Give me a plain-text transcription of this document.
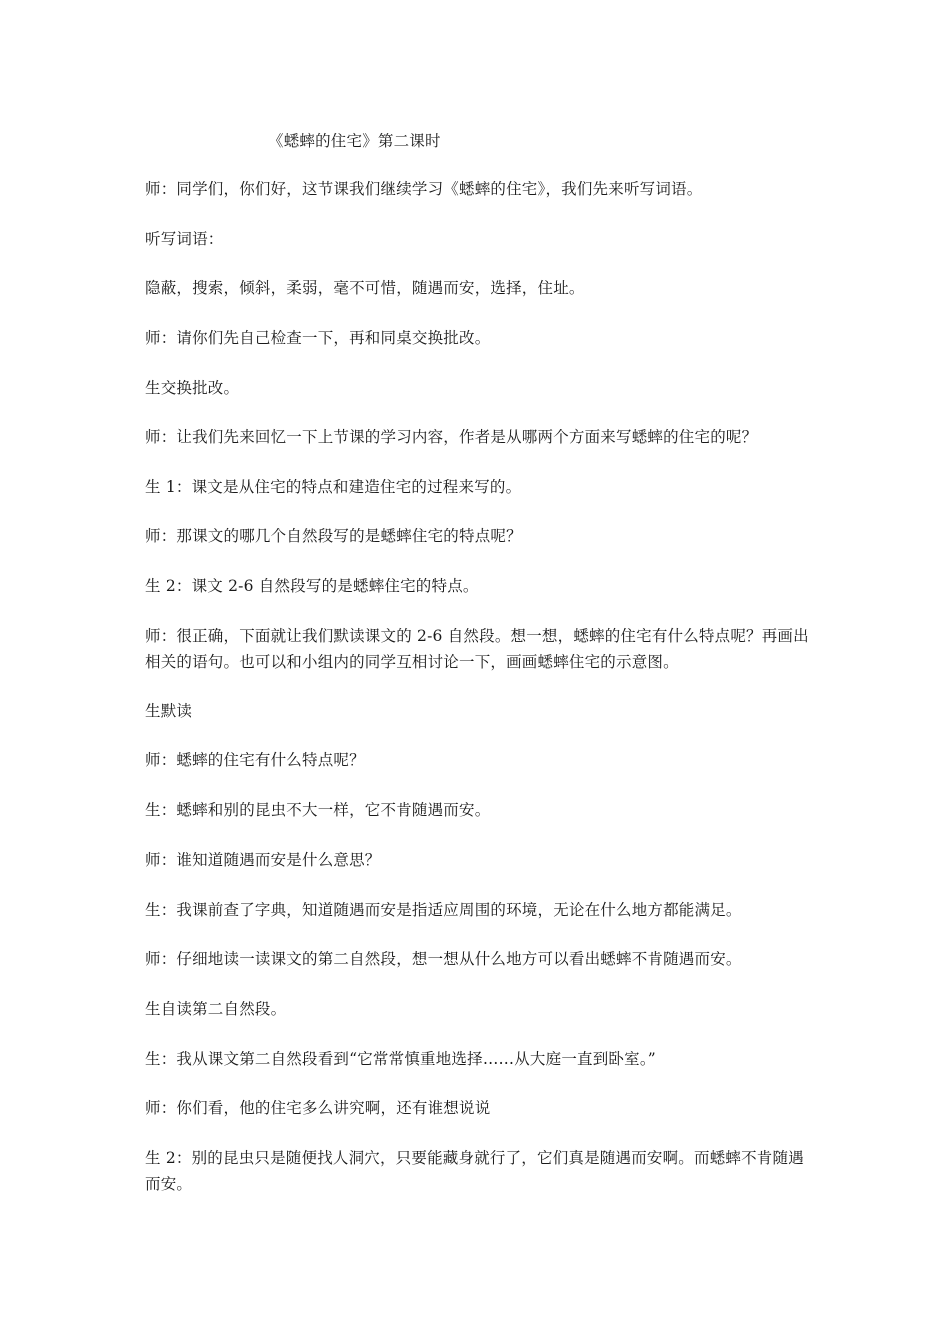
《蟋蟀的住宅》第二课时

师：同学们，你们好，这节课我们继续学习《蟋蟀的住宅》，我们先来听写词语。

听写词语：

隐蔽，搜索，倾斜，柔弱，毫不可惜，随遇而安，选择，住址。

师：请你们先自己检查一下，再和同桌交换批改。

生交换批改。

师：让我们先来回忆一下上节课的学习内容，作者是从哪两个方面来写蟋蟀的住宅的呢？

生 1：课文是从住宅的特点和建造住宅的过程来写的。

师：那课文的哪几个自然段写的是蟋蟀住宅的特点呢？

生 2：课文 2-6 自然段写的是蟋蟀住宅的特点。

师：很正确，下面就让我们默读课文的 2-6 自然段。想一想，蟋蟀的住宅有什么特点呢？再画出相关的语句。也可以和小组内的同学互相讨论一下，画画蟋蟀住宅的示意图。

生默读

师：蟋蟀的住宅有什么特点呢？

生：蟋蟀和别的昆虫不大一样，它不肯随遇而安。

师：谁知道随遇而安是什么意思？

生：我课前查了字典，知道随遇而安是指适应周围的环境，无论在什么地方都能满足。

师：仔细地读一读课文的第二自然段，想一想从什么地方可以看出蟋蟀不肯随遇而安。

生自读第二自然段。

生：我从课文第二自然段看到“它常常慎重地选择……从大庭一直到卧室。”

师：你们看，他的住宅多么讲究啊，还有谁想说说

生 2：别的昆虫只是随便找人洞穴，只要能藏身就行了，它们真是随遇而安啊。而蟋蟀不肯随遇而安。
